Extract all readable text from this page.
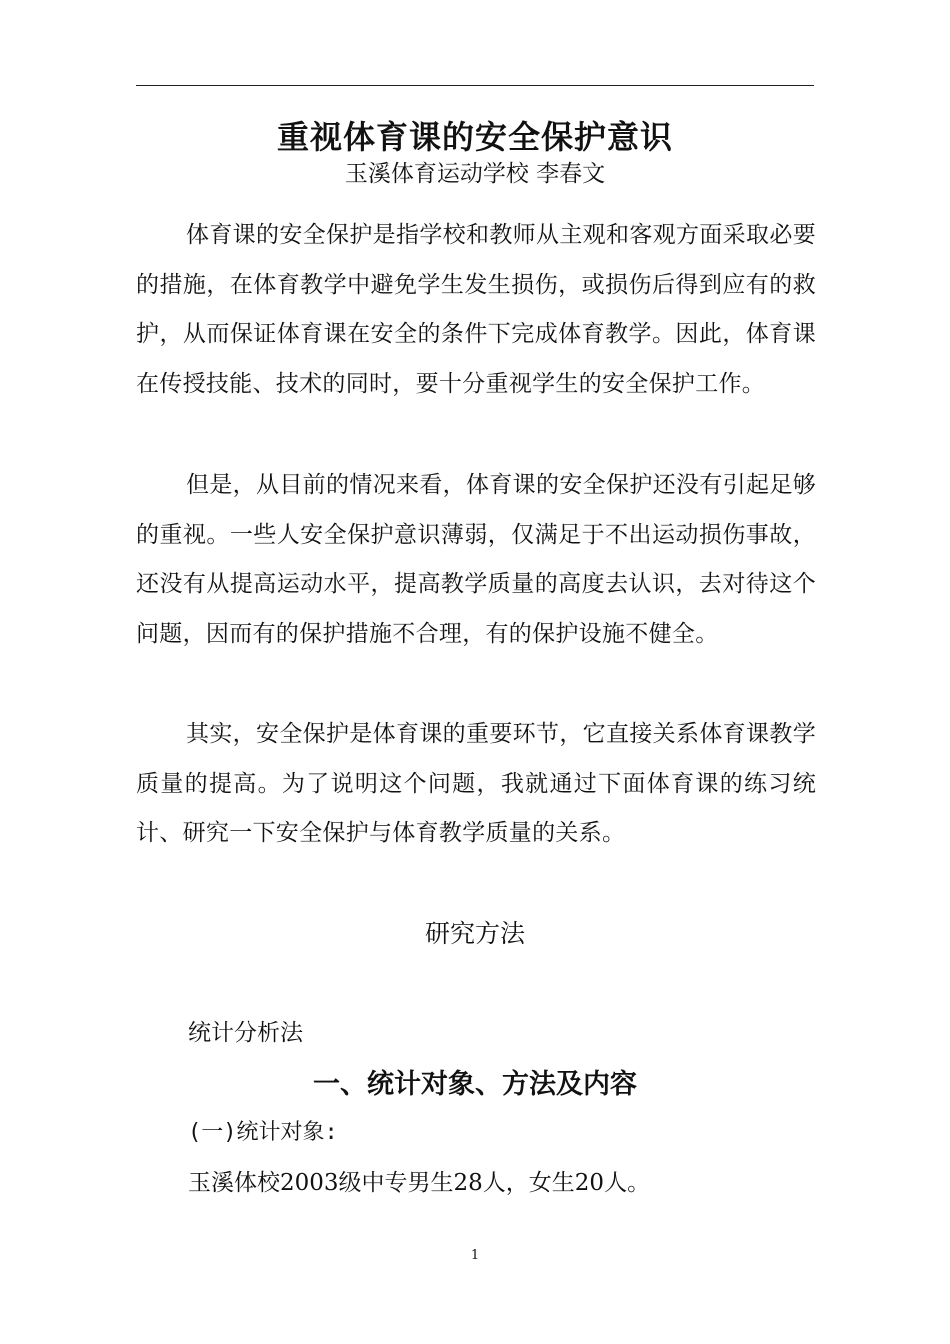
重视体育课的安全保护意识
玉溪体育运动学校 李春文

体育课的安全保护是指学校和教师从主观和客观方面采取必要的措施，在体育教学中避免学生发生损伤，或损伤后得到应有的救护，从而保证体育课在安全的条件下完成体育教学。因此，体育课在传授技能、技术的同时，要十分重视学生的安全保护工作。

但是，从目前的情况来看，体育课的安全保护还没有引起足够的重视。一些人安全保护意识薄弱，仅满足于不出运动损伤事故，还没有从提高运动水平，提高教学质量的高度去认识，去对待这个问题，因而有的保护措施不合理，有的保护设施不健全。

其实，安全保护是体育课的重要环节，它直接关系体育课教学质量的提高。为了说明这个问题，我就通过下面体育课的练习统计、研究一下安全保护与体育教学质量的关系。

研究方法
统计分析法
一、统计对象、方法及内容
(一)统计对象:
玉溪体校2003级中专男生28人，女生20人。
1
